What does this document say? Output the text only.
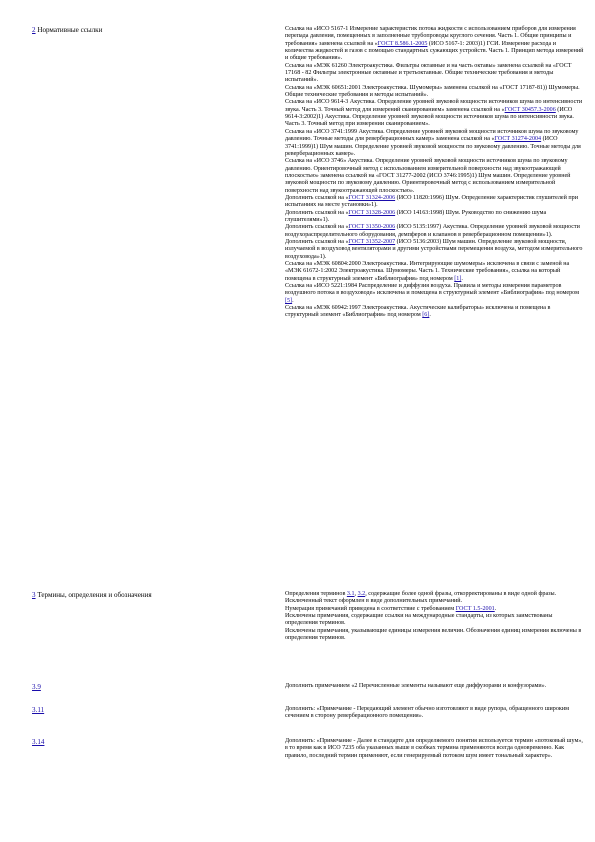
2 Нормативные ссылки	Ссылка на «ИСО 5167-1 Измерение характеристик потока жидкости с использованием приборов для измерения перепада давления, помещенных в заполненные трубопроводы круглого сечения. Часть 1. Общие принципы и требования» заменена ссылкой на «ГОСТ 8.586.1-2005 (ИСО 5167-1: 2003)1) ГСИ. Измерение расхода и количества жидкостей и газов с помощью стандартных сужающих устройств. Часть 1. Принцип метода измерений и общие требования».

Ссылка на «МЭК 61260 Электроакустика. Фильтры октавные и на часть октавы» заменена ссылкой на «ГОСТ 17168 - 82 Фильтры электронные октавные и третьоктавные. Общие технические требования и методы испытаний».

Ссылка на «МЭК 60651:2001 Электроакустика. Шумомеры» заменена ссылкой на «ГОСТ 17187-81)) Шумомеры. Общие технические требования и методы испытаний».

Ссылка на «ИСО 9614-3 Акустика. Определение уровней звуковой мощности источников шума по интенсивности звука. Часть 3. Точный метод для измерений сканированием» заменена ссылкой на «ГОСТ 30457.3-2006 (ИСО 9614-3:2002)1) Акустика. Определение уровней звуковой мощности источников шума по интенсивности звука. Часть 3. Точный метод при измерении сканированием».

Ссылка на «ИСО 3741:1999 Акустика. Определение уровней звуковой мощности источников шума по звуковому давлению. Точные методы для реверберационных камер» заменена ссылкой на «ГОСТ 31274-2004 (ИСО 3741:1999)1) Шум машин. Определение уровней звуковой мощности по звуковому давлению. Точные методы для реверберационных камер».

Ссылка на «ИСО 3746» Акустика. Определение уровней звуковой мощности источников шума по звуковому давлению. Ориентировочный метод с использованием измерительной поверхности над звукоотражающей плоскостью» заменена ссылкой на «ГОСТ 31277-2002 (ИСО 3746:1995)1) Шум машин. Определение уровней звуковой мощности по звуковому давлению. Ориентировочный метод с использованием измерительной поверхности над звукоотражающей плоскостью».

Дополнить ссылкой на «ГОСТ 31324-2006 (ИСО 11820:1996) Шум. Определение характеристик глушителей при испытаниях на месте установки»1).

Дополнить ссылкой на «ГОСТ 31328-2006 (ИСО 14163:1998) Шум. Руководство по снижению шума глушителями»1).

Дополнить ссылкой на «ГОСТ 31350-2006 (ИСО 5135:1997) Акустика. Определение уровней звуковой мощности воздухораспределительного оборудования, демпферов и клапанов в реверберационном помещении»1).

Дополнить ссылкой на «ГОСТ 31352-2007 (ИСО 5136:2003) Шум машин. Определение звуковой мощности, излучаемой в воздуховод вентиляторами и другими устройствами перемещения воздуха, методом измерительного воздуховода»1).

Ссылка на «МЭК 60804:2000 Электроакустика. Интегрирующие шумомеры» исключена в связи с заменой на «МЭК 61672-1:2002 Электроакустика. Шумомеры. Часть 1. Технические требования», ссылка на который помещена в структурный элемент «Библиография» под номером [1].

Ссылка на «ИСО 5221:1984 Распределение и диффузия воздуха. Правила и методы измерения параметров воздушного потока в воздуховоде» исключена и помещена в структурный элемент «Библиография» под номером [5].

Ссылка на «МЭК 60942:1997 Электроакустика. Акустические калибраторы» исключена и помещена в структурный элемент «Библиография» под номером [6].

3 Термины, определения и обозначения	Определения терминов 3.1, 3.2, содержащие более одной фразы, откорректированы в виде одной фразы. Исключенный текст оформлен в виде дополнительных примечаний.

Нумерация примечаний приведена в соответствие с требованием ГОСТ 1.5-2001.

Исключены примечания, содержащие ссылки на международные стандарты, из которых заимствованы определения терминов.

Исключены примечания, указывающие единицы измерения величин. Обозначения единиц измерения включены в определения терминов.

3.9	Дополнить примечанием «2 Перечисленные элементы называют еще диффузорами и конфузорами».

3.11	Дополнить: «Примечание - Передающий элемент обычно изготовляют в виде рупора, обращенного широким сечением в сторону реверберационного помещения».

3.14	Дополнить: «Примечание - Далее в стандарте для определяемого понятия используется термин «потоковый шум», в то время как в ИСО 7235 оба указанных выше в скобках термина применяются всегда одновременно. Как правило, последний термин применяют, если генерируемый потоком шум имеет тональный характер».
